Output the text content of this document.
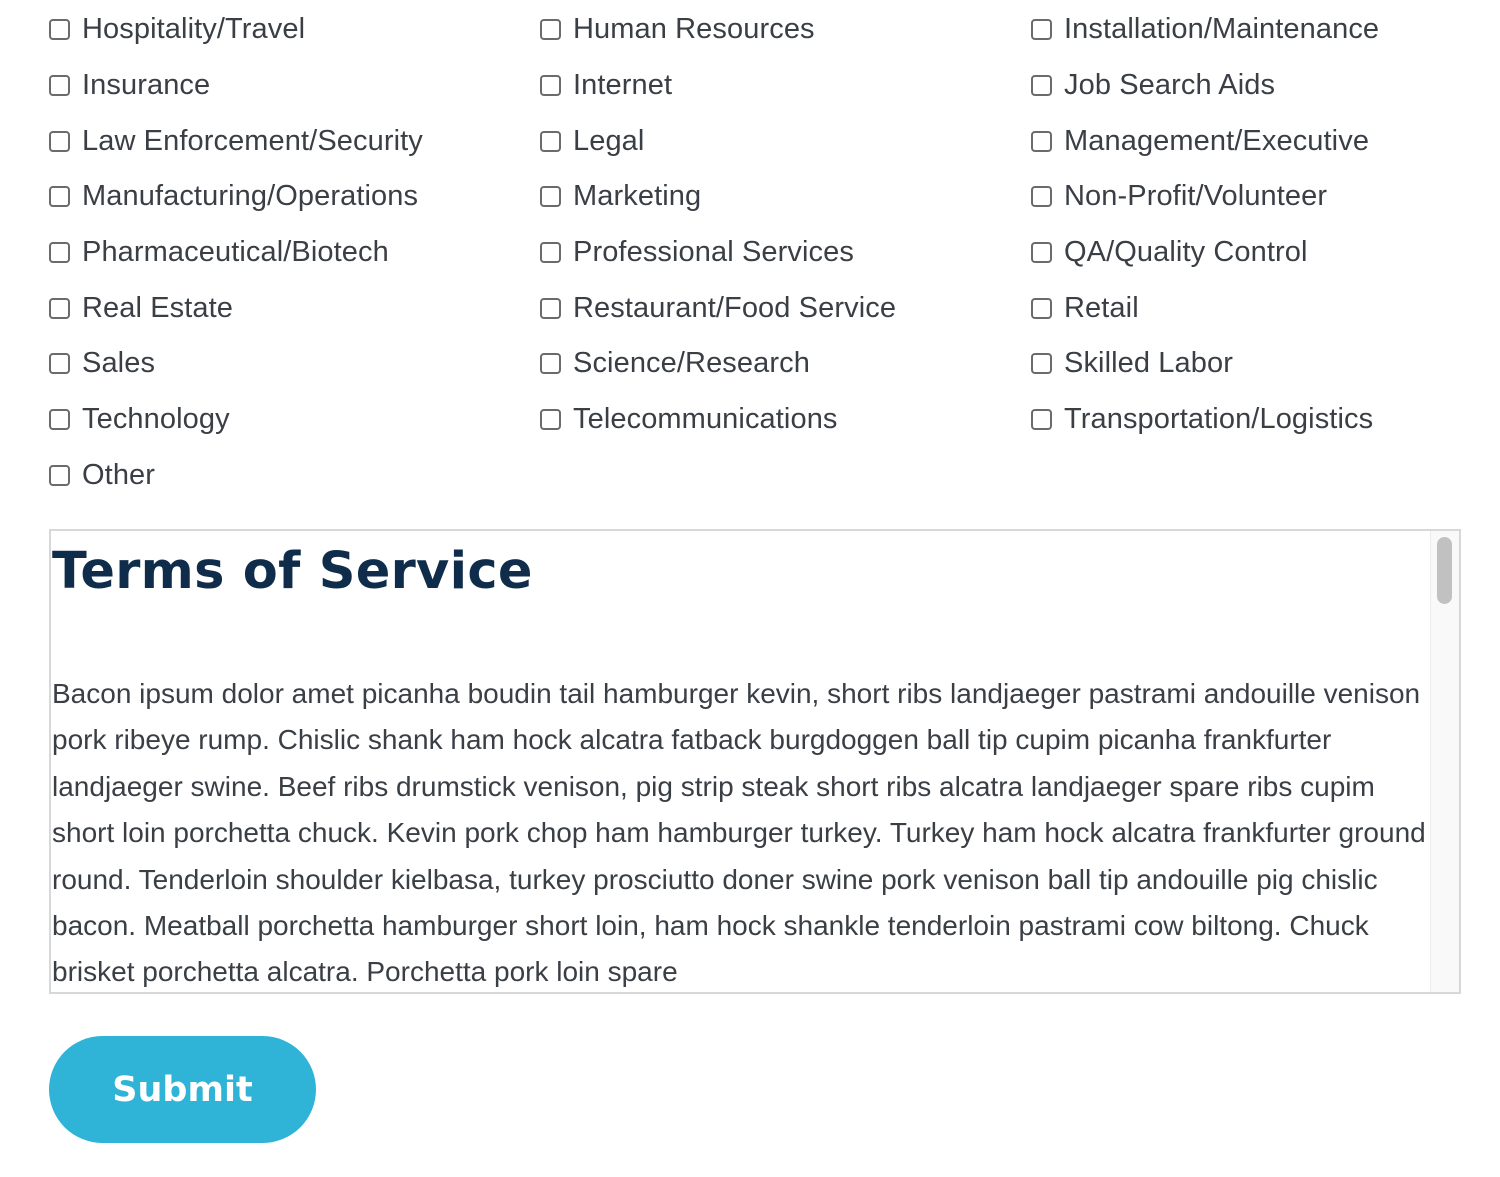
Hospitality/Travel	Human Resources	Installation/Maintenance
Insurance	Internet	Job Search Aids
Law Enforcement/Security	Legal	Management/Executive
Manufacturing/Operations	Marketing	Non-Profit/Volunteer
Pharmaceutical/Biotech	Professional Services	QA/Quality Control
Real Estate	Restaurant/Food Service	Retail
Sales	Science/Research	Skilled Labor
Technology	Telecommunications	Transportation/Logistics
Other
Terms of Service

Bacon ipsum dolor amet picanha boudin tail hamburger kevin, short ribs landjaeger pastrami andouille venison pork ribeye rump. Chislic shank ham hock alcatra fatback burgdoggen ball tip cupim picanha frankfurter landjaeger swine. Beef ribs drumstick venison, pig strip steak short ribs alcatra landjaeger spare ribs cupim short loin porchetta chuck. Kevin pork chop ham hamburger turkey. Turkey ham hock alcatra frankfurter ground round. Tenderloin shoulder kielbasa, turkey prosciutto doner swine pork venison ball tip andouille pig chislic bacon. Meatball porchetta hamburger short loin, ham hock shankle tenderloin pastrami cow biltong. Chuck brisket porchetta alcatra. Porchetta pork loin spare

Submit
